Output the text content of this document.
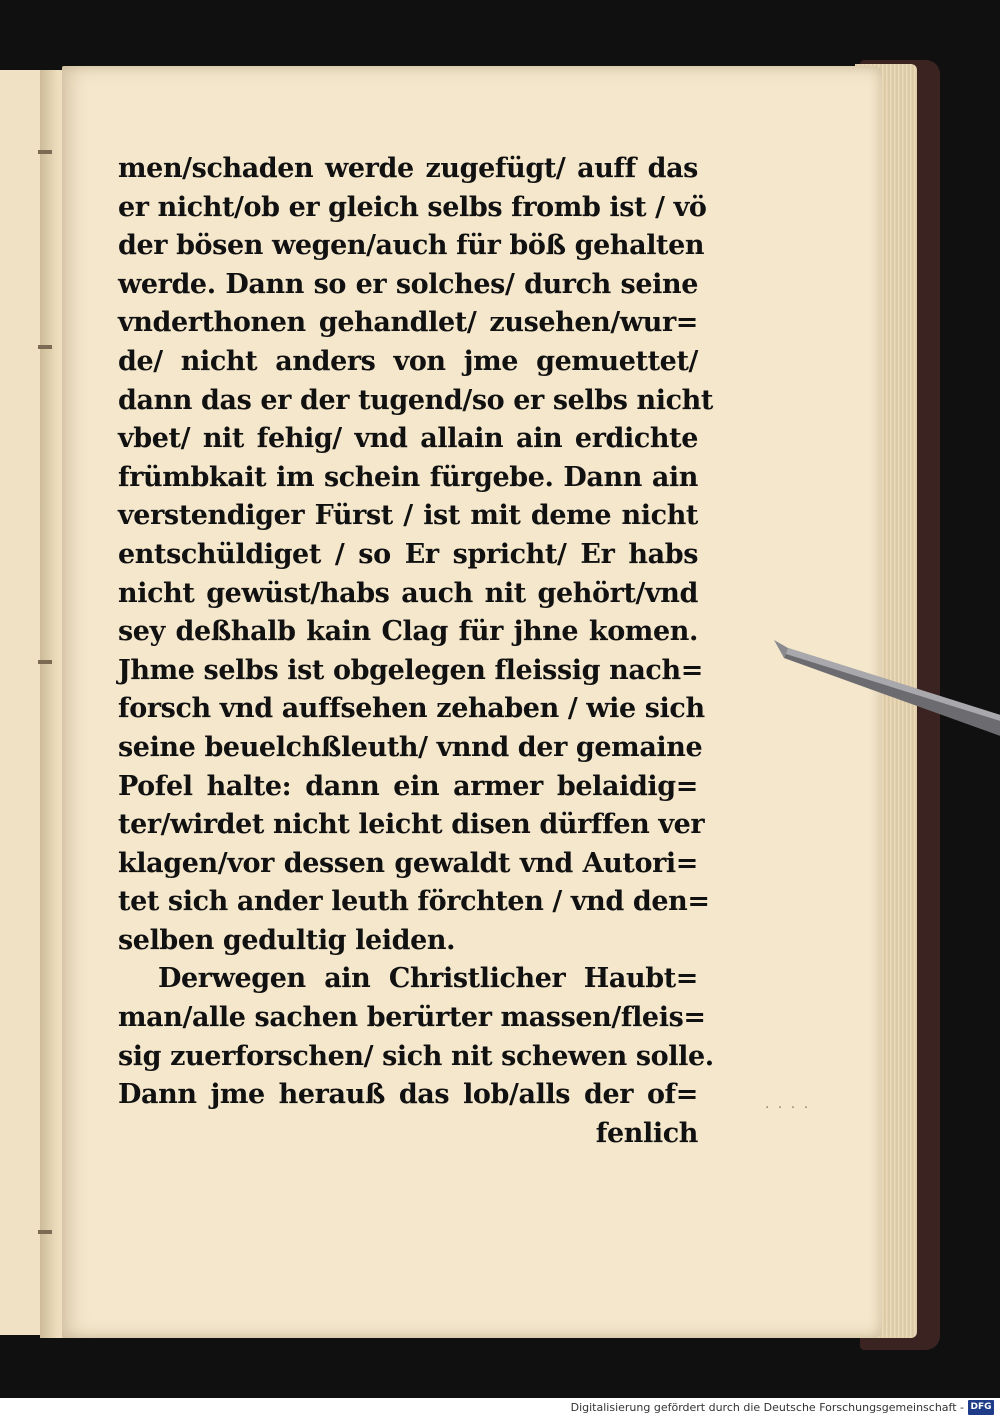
men/schaden werde zugefügt/ auff das
er nicht/ob er gleich selbs fromb ist / vö
der bösen wegen/auch für böß gehalten
werde. Dann so er solches/ durch seine
vnderthonen gehandlet/ zusehen/wur=
de/ nicht anders von jme gemuettet/
dann das er der tugend/so er selbs nicht
vbet/ nit fehig/ vnd allain ain erdichte
frümbkait im schein fürgebe. Dann ain
verstendiger Fürst / ist mit deme nicht
entschüldiget / so Er spricht/ Er habs
nicht gewüst/habs auch nit gehört/vnd
sey deßhalb kain Clag für jhne komen.
Jhme selbs ist obgelegen fleissig nach=
forsch vnd auffsehen zehaben / wie sich
seine beuelchßleuth/ vnnd der gemaine
Pofel halte: dann ein armer belaidig=
ter/wirdet nicht leicht disen dürffen ver
klagen/vor dessen gewaldt vnd Autori=
tet sich ander leuth förchten / vnd den=
selben gedultig leiden.
Derwegen ain Christlicher Haubt=
man/alle sachen berürter massen/fleis=
sig zuerforschen/ sich nit schewen solle.
Dann jme herauß das lob/alls der of=
fenlich
· · · ·
Digitalisierung gefördert durch die Deutsche Forschungsgemeinschaft - DFG
